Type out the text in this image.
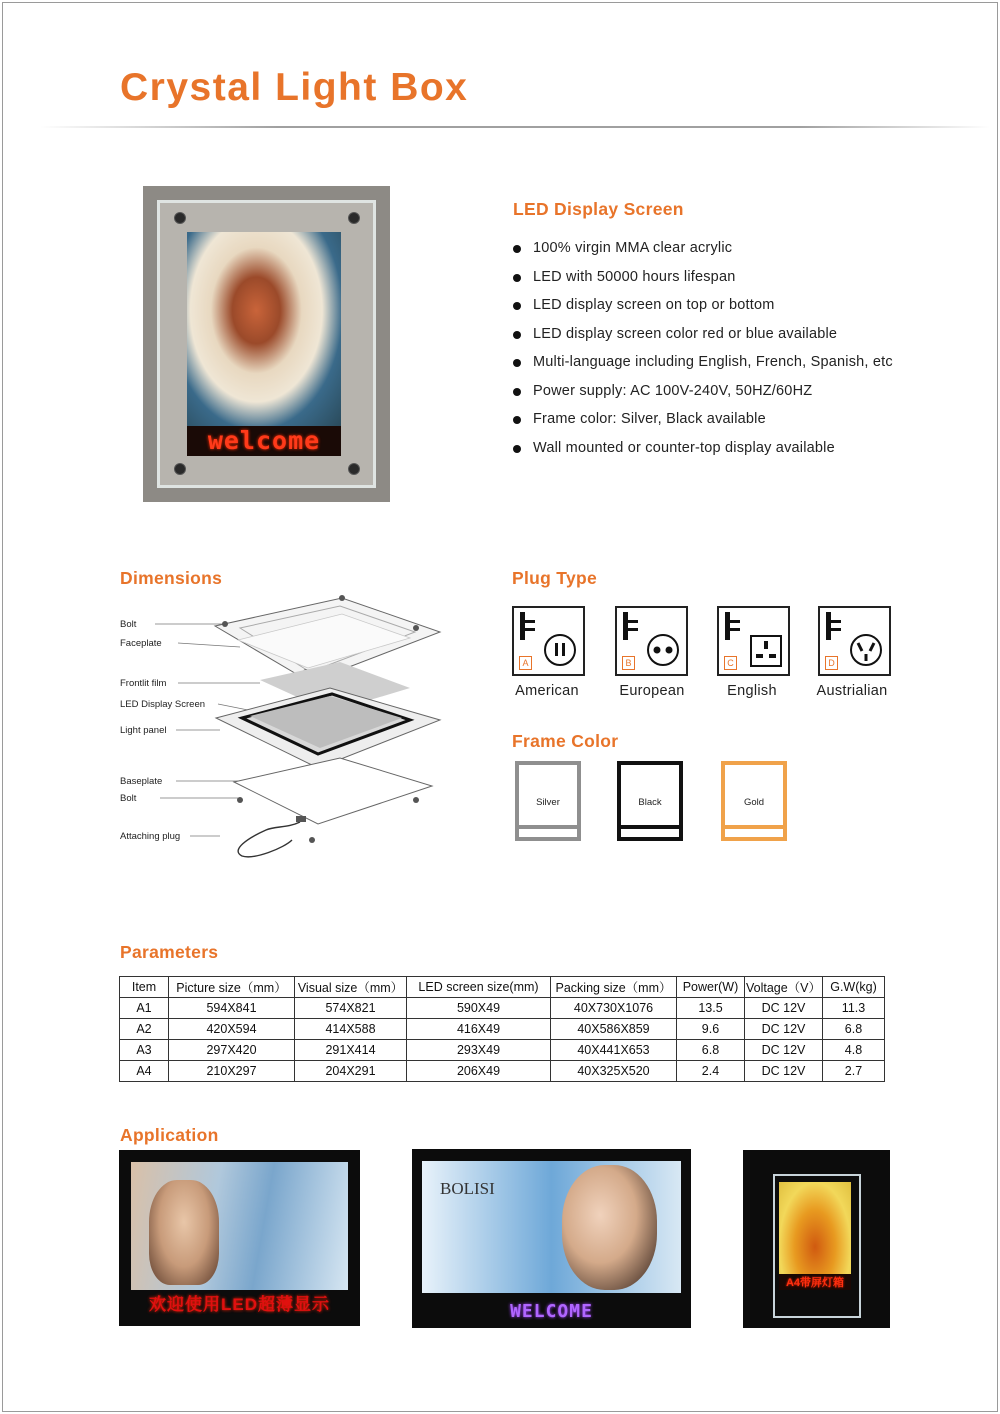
Crystal Light Box
welcome
LED Display Screen
100% virgin MMA clear acrylic
LED with 50000 hours lifespan
LED display screen on top or bottom
LED display screen color red or blue available
Multi-language including English, French, Spanish, etc
Power supply: AC 100V-240V, 50HZ/60HZ
Frame color: Silver, Black available
Wall mounted or counter-top display available
Dimensions
Bolt
Faceplate
Frontlit film
LED Display Screen
Light panel
Baseplate
Bolt
Attaching plug
Plug Type
A	B	C	D
American	European	English	Austrialian
Frame Color
Silver	Black	Gold
Parameters
Item	Picture size（mm）	Visual size（mm）	LED screen size(mm)	Packing size（mm）	Power(W)	Voltage（V）	G.W(kg)
A1	594X841	574X821	590X49	40X730X1076	13.5	DC 12V	11.3
A2	420X594	414X588	416X49	40X586X859	9.6	DC 12V	6.8
A3	297X420	291X414	293X49	40X441X653	6.8	DC 12V	4.8
A4	210X297	204X291	206X49	40X325X520	2.4	DC 12V	2.7
Application
欢迎使用LED超薄显示
BOLISI
WELCOME
A4带屏灯箱
